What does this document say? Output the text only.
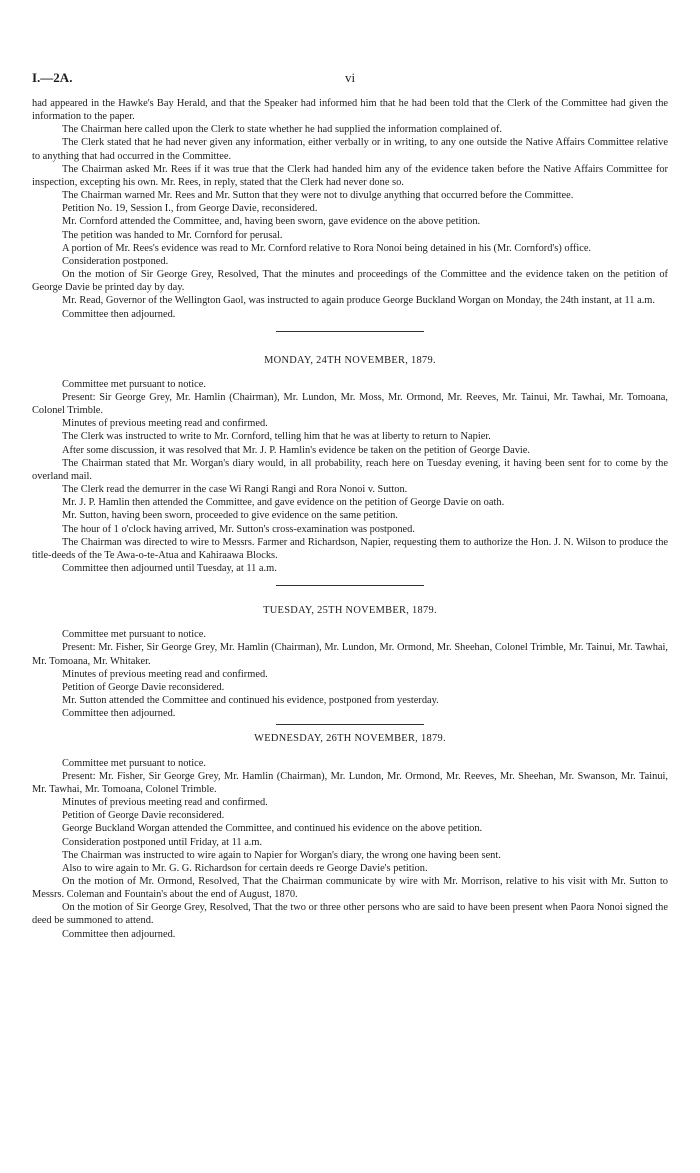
I.—2A.	vi

had appeared in the Hawke's Bay Herald, and that the Speaker had informed him that he had been told that the Clerk of the Committee had given the information to the paper.

The Chairman here called upon the Clerk to state whether he had supplied the information complained of.

The Clerk stated that he had never given any information, either verbally or in writing, to any one outside the Native Affairs Committee relative to anything that had occurred in the Committee.

The Chairman asked Mr. Rees if it was true that the Clerk had handed him any of the evidence taken before the Native Affairs Committee for inspection, excepting his own. Mr. Rees, in reply, stated that the Clerk had never done so.

The Chairman warned Mr. Rees and Mr. Sutton that they were not to divulge anything that occurred before the Committee.

Petition No. 19, Session I., from George Davie, reconsidered.

Mr. Cornford attended the Committee, and, having been sworn, gave evidence on the above petition.

The petition was handed to Mr. Cornford for perusal.

A portion of Mr. Rees's evidence was read to Mr. Cornford relative to Rora Nonoi being detained in his (Mr. Cornford's) office.

Consideration postponed.

On the motion of Sir George Grey, Resolved, That the minutes and proceedings of the Committee and the evidence taken on the petition of George Davie be printed day by day.

Mr. Read, Governor of the Wellington Gaol, was instructed to again produce George Buckland Worgan on Monday, the 24th instant, at 11 a.m.

Committee then adjourned.

MONDAY, 24TH NOVEMBER, 1879.

Committee met pursuant to notice.

Present: Sir George Grey, Mr. Hamlin (Chairman), Mr. Lundon, Mr. Moss, Mr. Ormond, Mr. Reeves, Mr. Tainui, Mr. Tawhai, Mr. Tomoana, Colonel Trimble.

Minutes of previous meeting read and confirmed.

The Clerk was instructed to write to Mr. Cornford, telling him that he was at liberty to return to Napier.

After some discussion, it was resolved that Mr. J. P. Hamlin's evidence be taken on the petition of George Davie.

The Chairman stated that Mr. Worgan's diary would, in all probability, reach here on Tuesday evening, it having been sent for to come by the overland mail.

The Clerk read the demurrer in the case Wi Rangi Rangi and Rora Nonoi v. Sutton.

Mr. J. P. Hamlin then attended the Committee, and gave evidence on the petition of George Davie on oath.

Mr. Sutton, having been sworn, proceeded to give evidence on the same petition.

The hour of 1 o'clock having arrived, Mr. Sutton's cross-examination was postponed.

The Chairman was directed to wire to Messrs. Farmer and Richardson, Napier, requesting them to authorize the Hon. J. N. Wilson to produce the title-deeds of the Te Awa-o-te-Atua and Kahiraawa Blocks.

Committee then adjourned until Tuesday, at 11 a.m.

TUESDAY, 25TH NOVEMBER, 1879.

Committee met pursuant to notice.

Present: Mr. Fisher, Sir George Grey, Mr. Hamlin (Chairman), Mr. Lundon, Mr. Ormond, Mr. Sheehan, Colonel Trimble, Mr. Tainui, Mr. Tawhai, Mr. Tomoana, Mr. Whitaker.

Minutes of previous meeting read and confirmed.

Petition of George Davie reconsidered.

Mr. Sutton attended the Committee and continued his evidence, postponed from yesterday.

Committee then adjourned.

WEDNESDAY, 26TH NOVEMBER, 1879.

Committee met pursuant to notice.

Present: Mr. Fisher, Sir George Grey, Mr. Hamlin (Chairman), Mr. Lundon, Mr. Ormond, Mr. Reeves, Mr. Sheehan, Mr. Swanson, Mr. Tainui, Mr. Tawhai, Mr. Tomoana, Colonel Trimble.

Minutes of previous meeting read and confirmed.

Petition of George Davie reconsidered.

George Buckland Worgan attended the Committee, and continued his evidence on the above petition.

Consideration postponed until Friday, at 11 a.m.

The Chairman was instructed to wire again to Napier for Worgan's diary, the wrong one having been sent.

Also to wire again to Mr. G. G. Richardson for certain deeds re George Davie's petition.

On the motion of Mr. Ormond, Resolved, That the Chairman communicate by wire with Mr. Morrison, relative to his visit with Mr. Sutton to Messrs. Coleman and Fountain's about the end of August, 1870.

On the motion of Sir George Grey, Resolved, That the two or three other persons who are said to have been present when Paora Nonoi signed the deed be summoned to attend.

Committee then adjourned.
